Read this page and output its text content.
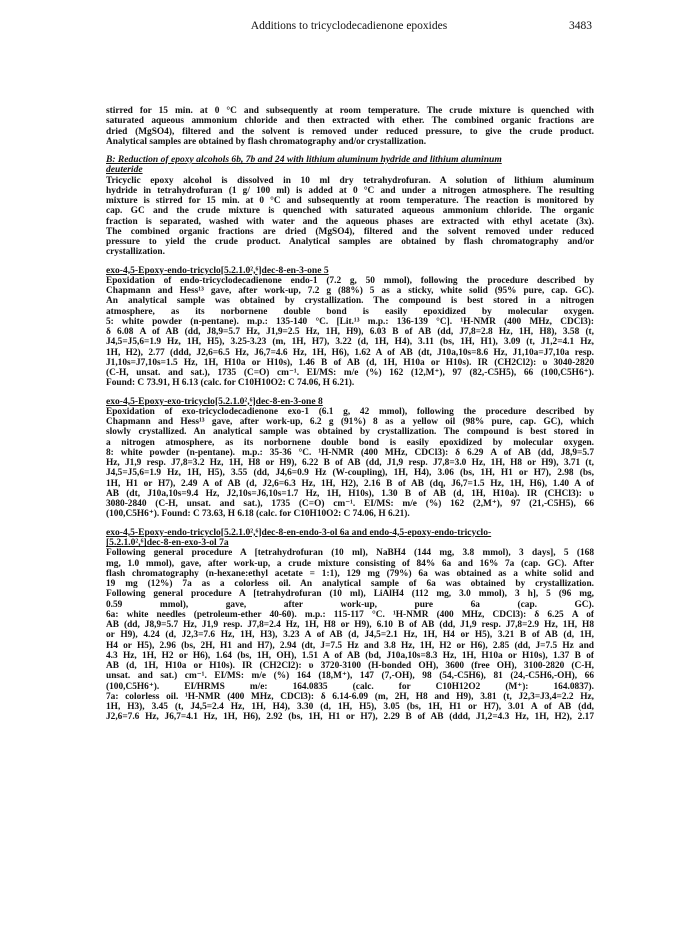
Additions to tricyclodecadienone epoxides	3483
stirred for 15 min. at 0 °C and subsequently at room temperature. The crude mixture is quenched with
saturated aqueous ammonium chloride and then extracted with ether. The combined organic fractions are
dried (MgSO4), filtered and the solvent is removed under reduced pressure, to give the crude product.
Analytical samples are obtained by flash chromatography and/or crystallization.

B: Reduction of epoxy alcohols 6b, 7b and 24 with lithium aluminum hydride and lithium aluminum
deuteride

Tricyclic epoxy alcohol is dissolved in 10 ml dry tetrahydrofuran. A solution of lithium aluminum
hydride in tetrahydrofuran (1 g/ 100 ml) is added at 0 °C and under a nitrogen atmosphere. The resulting
mixture is stirred for 15 min. at 0 °C and subsequently at room temperature. The reaction is monitored by
cap. GC and the crude mixture is quenched with saturated aqueous ammonium chloride. The organic
fraction is separated, washed with water and the aqueous phases are extracted with ethyl acetate (3x).
The combined organic fractions are dried (MgSO4), filtered and the solvent removed under reduced
pressure to yield the crude product. Analytical samples are obtained by flash chromatography and/or
crystallization.

exo-4,5-Epoxy-endo-tricyclo[5.2.1.0²,⁶]dec-8-en-3-one 5

Epoxidation of endo-tricyclodecadienone endo-1 (7.2 g, 50 mmol), following the procedure described by
Chapmann and Hess¹³ gave, after work-up, 7.2 g (88%) 5 as a sticky, white solid (95% pure, cap. GC).
An analytical sample was obtained by crystallization. The compound is best stored in a nitrogen
atmosphere, as its norbornene double bond is easily epoxidized by molecular oxygen.
5: white powder (n-pentane). m.p.: 135-140 °C. [Lit.¹³ m.p.: 136-139 °C]. ¹H-NMR (400 MHz, CDCl3):
δ 6.08 A of AB (dd, J8,9=5.7 Hz, J1,9=2.5 Hz, 1H, H9), 6.03 B of AB (dd, J7,8=2.8 Hz, 1H, H8), 3.58 (t,
J4,5=J5,6=1.9 Hz, 1H, H5), 3.25-3.23 (m, 1H, H7), 3.22 (d, 1H, H4), 3.11 (bs, 1H, H1), 3.09 (t, J1,2=4.1 Hz,
1H, H2), 2.77 (ddd, J2,6=6.5 Hz, J6,7=4.6 Hz, 1H, H6), 1.62 A of AB (dt, J10a,10s=8.6 Hz, J1,10a=J7,10a resp.
J1,10s=J7,10s=1.5 Hz, 1H, H10a or H10s), 1.46 B of AB (d, 1H, H10a or H10s). IR (CH2Cl2): υ 3040-2820
(C-H, unsat. and sat.), 1735 (C=O) cm⁻¹. EI/MS: m/e (%) 162 (12,M⁺), 97 (82,-C5H5), 66 (100,C5H6⁺).
Found: C 73.91, H 6.13 (calc. for C10H10O2: C 74.06, H 6.21).

exo-4,5-Epoxy-exo-tricyclo[5.2.1.0²,⁶]dec-8-en-3-one 8

Epoxidation of exo-tricyclodecadienone exo-1 (6.1 g, 42 mmol), following the procedure described by
Chapmann and Hess¹³ gave, after work-up, 6.2 g (91%) 8 as a yellow oil (98% pure, cap. GC), which
slowly crystallized. An analytical sample was obtained by crystallization. The compound is best stored in
a nitrogen atmosphere, as its norbornene double bond is easily epoxidized by molecular oxygen.
8: white powder (n-pentane). m.p.: 35-36 °C. ¹H-NMR (400 MHz, CDCl3): δ 6.29 A of AB (dd, J8,9=5.7
Hz, J1,9 resp. J7,8=3.2 Hz, 1H, H8 or H9), 6.22 B of AB (dd, J1,9 resp. J7,8=3.0 Hz, 1H, H8 or H9), 3.71 (t,
J4,5=J5,6=1.9 Hz, 1H, H5), 3.55 (dd, J4,6=0.9 Hz (W-coupling), 1H, H4), 3.06 (bs, 1H, H1 or H7), 2.98 (bs,
1H, H1 or H7), 2.49 A of AB (d, J2,6=6.3 Hz, 1H, H2), 2.16 B of AB (dq, J6,7=1.5 Hz, 1H, H6), 1.40 A of
AB (dt, J10a,10s=9.4 Hz, J2,10s=J6,10s=1.7 Hz, 1H, H10s), 1.30 B of AB (d, 1H, H10a). IR (CHCl3): υ
3080-2840 (C-H, unsat. and sat.), 1735 (C=O) cm⁻¹. EI/MS: m/e (%) 162 (2,M⁺), 97 (21,-C5H5), 66
(100,C5H6⁺). Found: C 73.63, H 6.18 (calc. for C10H10O2: C 74.06, H 6.21).

exo-4,5-Epoxy-endo-tricyclo[5.2.1.0²,⁶]dec-8-en-endo-3-ol 6a and endo-4,5-epoxy-endo-tricyclo-
[5.2.1.0²,⁶]dec-8-en-exo-3-ol 7a

Following general procedure A [tetrahydrofuran (10 ml), NaBH4 (144 mg, 3.8 mmol), 3 days], 5 (168
mg, 1.0 mmol), gave, after work-up, a crude mixture consisting of 84% 6a and 16% 7a (cap. GC). After
flash chromatography (n-hexane:ethyl acetate = 1:1), 129 mg (79%) 6a was obtained as a white solid and
19 mg (12%) 7a as a colorless oil. An analytical sample of 6a was obtained by crystallization.
Following general procedure A [tetrahydrofuran (10 ml), LiAlH4 (112 mg, 3.0 mmol), 3 h], 5 (96 mg,
0.59 mmol), gave, after work-up, pure 6a (cap. GC).
6a: white needles (petroleum-ether 40-60). m.p.: 115-117 °C. ¹H-NMR (400 MHz, CDCl3): δ 6.25 A of
AB (dd, J8,9=5.7 Hz, J1,9 resp. J7,8=2.4 Hz, 1H, H8 or H9), 6.10 B of AB (dd, J1,9 resp. J7,8=2.9 Hz, 1H, H8
or H9), 4.24 (d, J2,3=7.6 Hz, 1H, H3), 3.23 A of AB (d, J4,5=2.1 Hz, 1H, H4 or H5), 3.21 B of AB (d, 1H,
H4 or H5), 2.96 (bs, 2H, H1 and H7), 2.94 (dt, J=7.5 Hz and 3.8 Hz, 1H, H2 or H6), 2.85 (dd, J=7.5 Hz and
4.3 Hz, 1H, H2 or H6), 1.64 (bs, 1H, OH), 1.51 A of AB (bd, J10a,10s=8.3 Hz, 1H, H10a or H10s), 1.37 B of
AB (d, 1H, H10a or H10s). IR (CH2Cl2): υ 3720-3100 (H-bonded OH), 3600 (free OH), 3100-2820 (C-H,
unsat. and sat.) cm⁻¹. EI/MS: m/e (%) 164 (18,M⁺), 147 (7,-OH), 98 (54,-C5H6), 81 (24,-C5H6,-OH), 66
(100,C5H6⁺). EI/HRMS m/e: 164.0835 (calc. for C10H12O2 (M⁺): 164.0837).
7a: colorless oil. ¹H-NMR (400 MHz, CDCl3): δ 6.14-6.09 (m, 2H, H8 and H9), 3.81 (t, J2,3=J3,4=2.2 Hz,
1H, H3), 3.45 (t, J4,5=2.4 Hz, 1H, H4), 3.30 (d, 1H, H5), 3.05 (bs, 1H, H1 or H7), 3.01 A of AB (dd,
J2,6=7.6 Hz, J6,7=4.1 Hz, 1H, H6), 2.92 (bs, 1H, H1 or H7), 2.29 B of AB (ddd, J1,2=4.3 Hz, 1H, H2), 2.17
